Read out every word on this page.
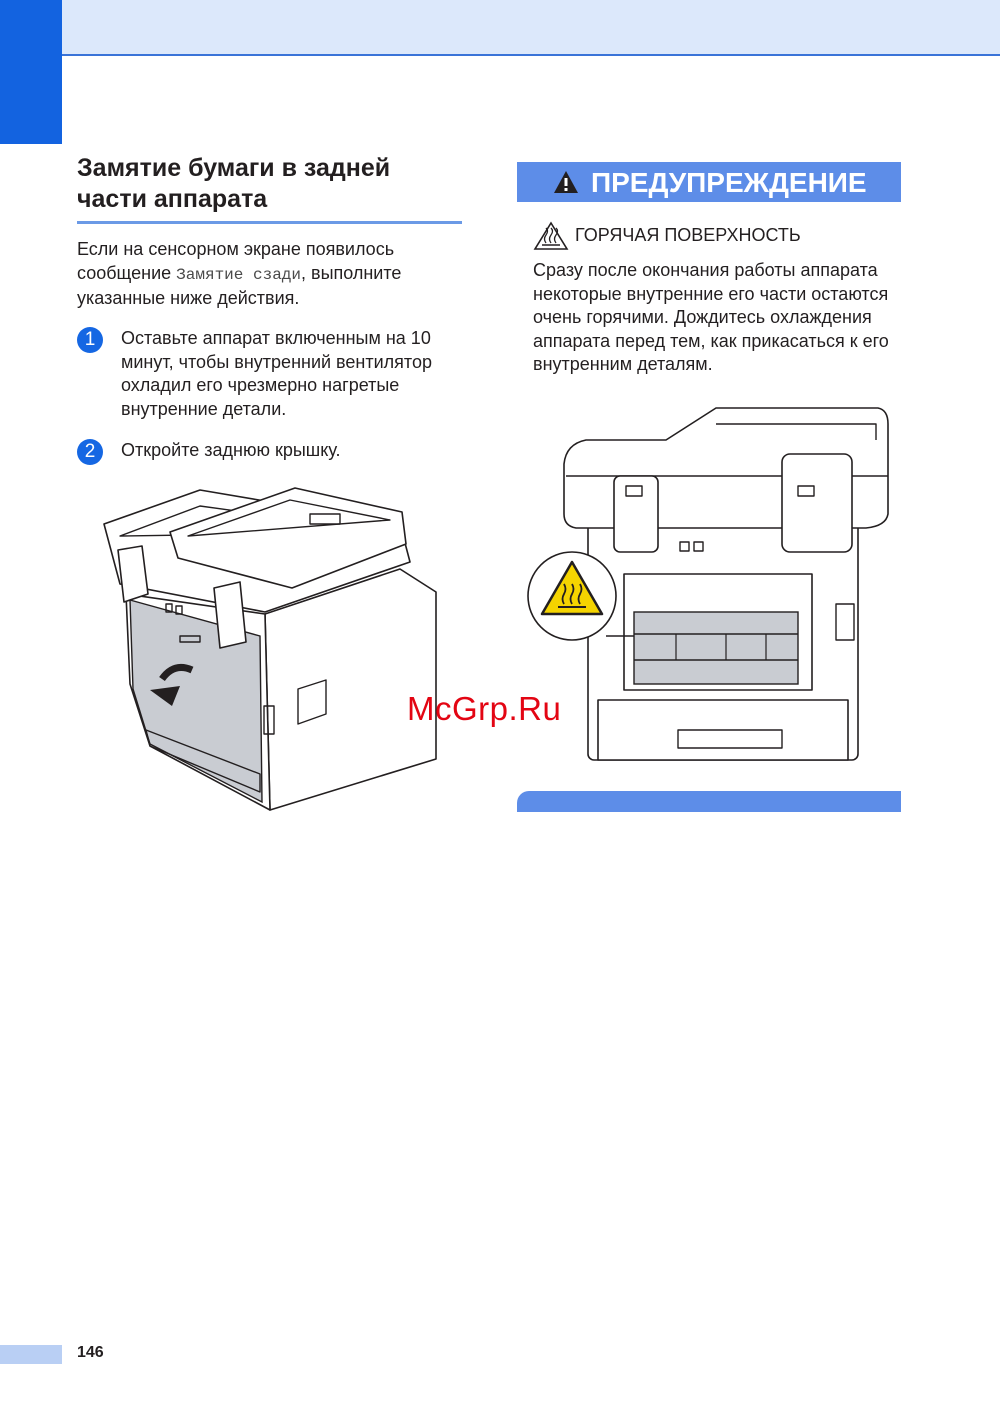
Замятие бумаги в задней части аппарата

Если на сенсорном экране появилось сообщение Замятие сзади, выполните указанные ниже действия.

1	Оставьте аппарат включенным на 10 минут, чтобы внутренний вентилятор охладил его чрезмерно нагретые внутренние детали.
2	Откройте заднюю крышку.
ПРЕДУПРЕЖДЕНИЕ
ГОРЯЧАЯ ПОВЕРХНОСТЬ

Сразу после окончания работы аппарата некоторые внутренние его части остаются очень горячими. Дождитесь охлаждения аппарата перед тем, как прикасаться к его внутренним деталям.

McGrp.Ru
146
